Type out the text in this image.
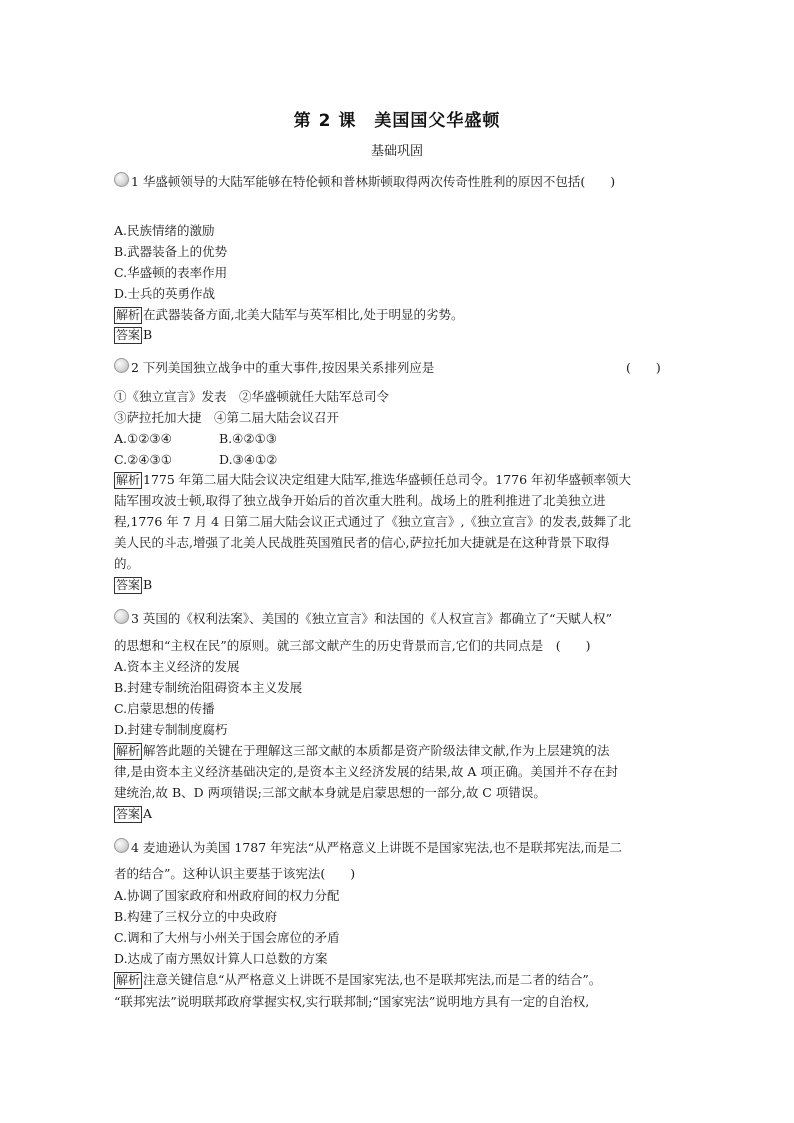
第 2 课　美国国父华盛顿
基础巩固
1 华盛顿领导的大陆军能够在特伦顿和普林斯顿取得两次传奇性胜利的原因不包括(　　)
A.民族情绪的激励
B.武器装备上的优势
C.华盛顿的表率作用
D.士兵的英勇作战
解析 在武器装备方面,北美大陆军与英军相比,处于明显的劣势。
答案 B
2 下列美国独立战争中的重大事件,按因果关系排列应是	(　　)
①《独立宣言》发表　②华盛顿就任大陆军总司令
③萨拉托加大捷　④第二届大陆会议召开
A.①②③④	B.④②①③
C.②④③①	D.③④①②
解析 1775 年第二届大陆会议决定组建大陆军,推选华盛顿任总司令。1776 年初华盛顿率领大
陆军围攻波士顿,取得了独立战争开始后的首次重大胜利。战场上的胜利推进了北美独立进
程,1776 年 7 月 4 日第二届大陆会议正式通过了《独立宣言》,《独立宣言》的发表,鼓舞了北
美人民的斗志,增强了北美人民战胜英国殖民者的信心,萨拉托加大捷就是在这种背景下取得
的。
答案 B
3 英国的《权利法案》、美国的《独立宣言》和法国的《人权宣言》都确立了“天赋人权”
的思想和“主权在民”的原则。就三部文献产生的历史背景而言,它们的共同点是　(　　)
A.资本主义经济的发展
B.封建专制统治阻碍资本主义发展
C.启蒙思想的传播
D.封建专制制度腐朽
解析 解答此题的关键在于理解这三部文献的本质都是资产阶级法律文献,作为上层建筑的法
律,是由资本主义经济基础决定的,是资本主义经济发展的结果,故 A 项正确。美国并不存在封
建统治,故 B、D 两项错误;三部文献本身就是启蒙思想的一部分,故 C 项错误。
答案 A
4 麦迪逊认为美国 1787 年宪法“从严格意义上讲既不是国家宪法,也不是联邦宪法,而是二
者的结合”。这种认识主要基于该宪法(　　)
A.协调了国家政府和州政府间的权力分配
B.构建了三权分立的中央政府
C.调和了大州与小州关于国会席位的矛盾
D.达成了南方黑奴计算人口总数的方案
解析 注意关键信息“从严格意义上讲既不是国家宪法,也不是联邦宪法,而是二者的结合”。
“联邦宪法”说明联邦政府掌握实权,实行联邦制;“国家宪法”说明地方具有一定的自治权,
